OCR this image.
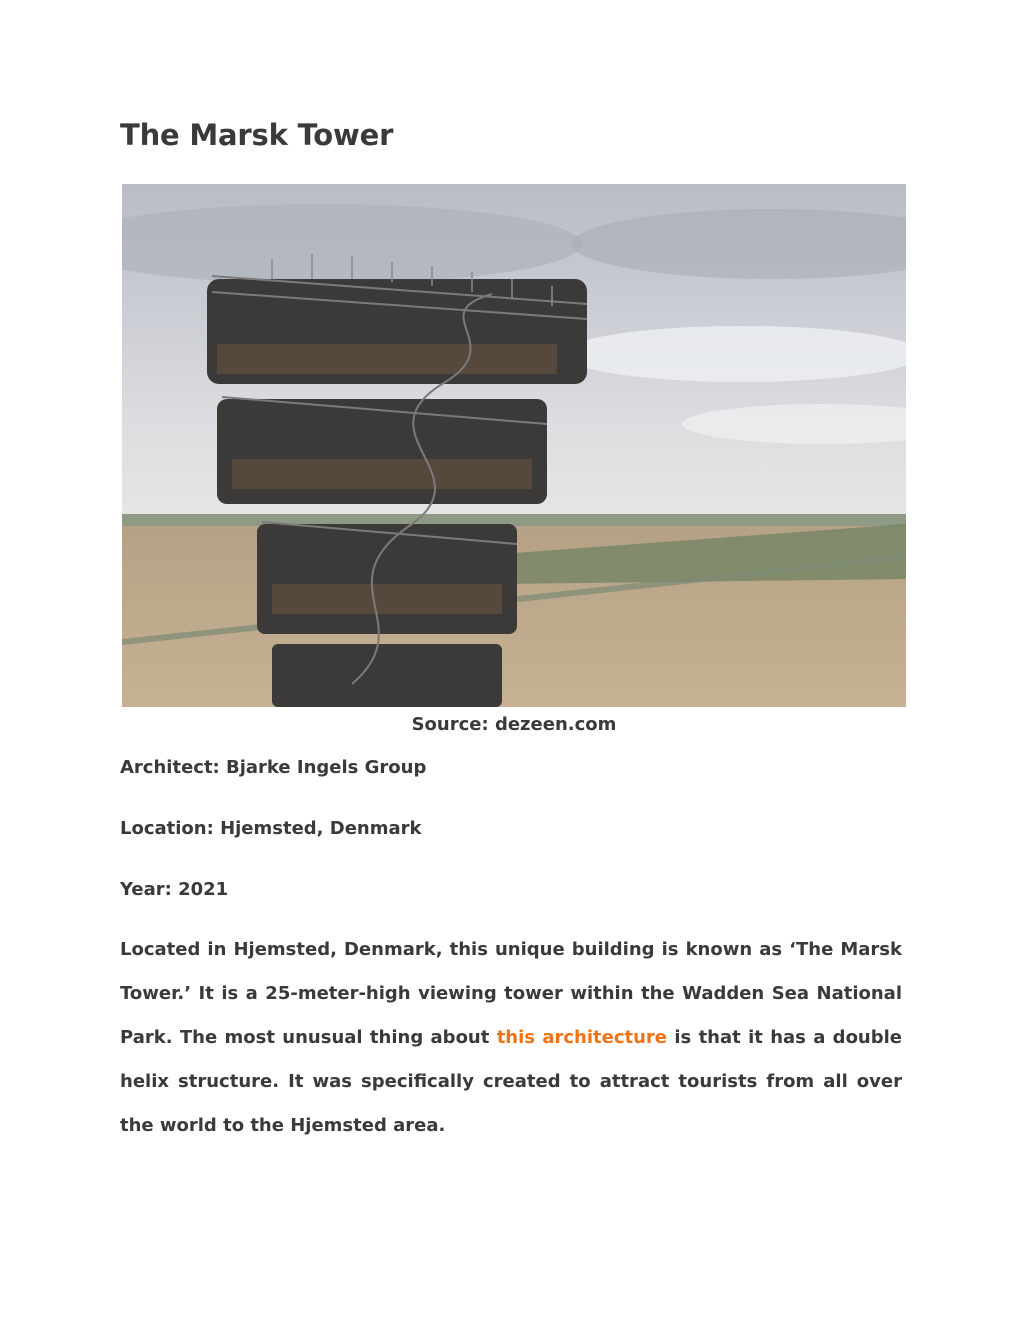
The Marsk Tower
Source: dezeen.com

Architect: Bjarke Ingels Group

Location: Hjemsted, Denmark

Year: 2021

Located in Hjemsted, Denmark, this unique building is known as ‘The Marsk Tower.’ It is a 25-meter-high viewing tower within the Wadden Sea National Park. The most unusual thing about this architecture is that it has a double helix structure. It was specifically created to attract tourists from all over the world to the Hjemsted area.
